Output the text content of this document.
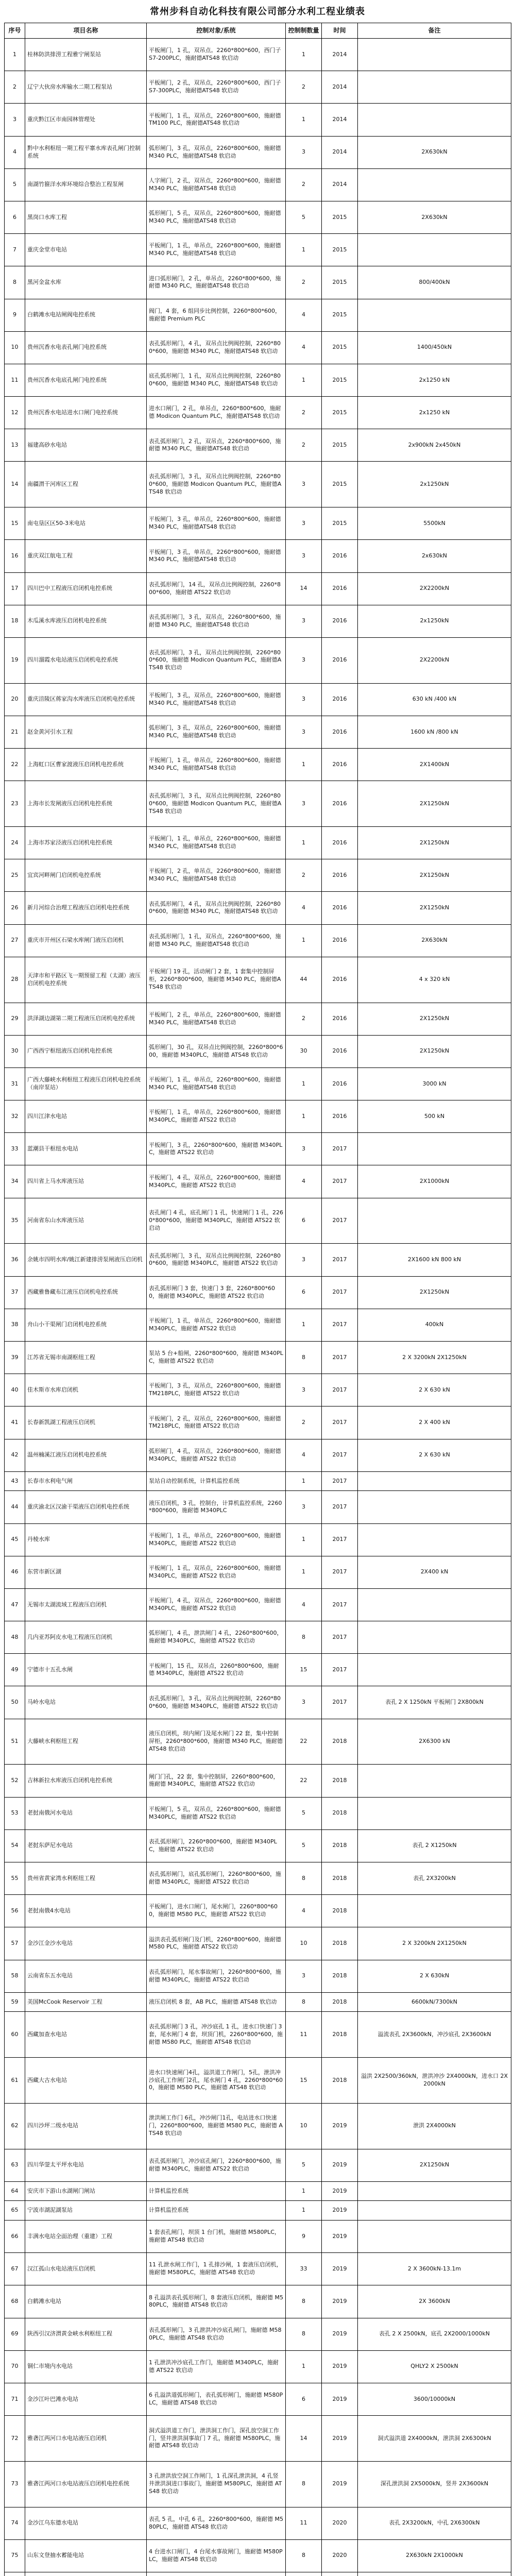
常州步科自动化科技有限公司部分水利工程业绩表
序号	项目名称	控制对象/系统	控制制数量	时间	备注
1	桂林防洪排涝工程雅宁闸泵站	平板闸门，1 孔，双吊点。2260*800*600，西门子 S7-200PLC，施耐德ATS48 软启动	1	2014	
2	辽宁大伙房水库输水二期工程泵站	平板闸门，2 孔，双吊点，2260*800*600，西门子 S7-300PLC，施耐德ATS48 软启动	2	2014	
3	重庆黔江区市南园林管理处	平板闸门，1 孔，双吊点，2260*800*600，施耐德 TM100 PLC，施耐德ATS48 软启动	1	2014	
4	黔中水利枢纽一期工程平寨水库表孔闸门控制系统	弧形闸门，3 孔，双吊点，2260*800*600，施耐德 M340 PLC，施耐德ATS48 软启动	3	2014	2X630kN
5	南湖竹箍洋水库环境综合整治工程泵闸	人字闸门，2 孔，双吊点，2260*800*600，施耐德 M340 PLC，施耐德ATS48 软启动	2	2014	
6	黑岗口水库工程	弧形闸门，5 孔，双吊点，2260*800*600，施耐德 M340 PLC，施耐德ATS48 软启动	5	2015	2X630kN
7	重庆金堂市电站	平板闸门，1 孔，单吊点，2260*800*600，施耐德 M340 PLC，施耐德ATS48 软启动	1	2015	
8	黑河金盆水库	进口弧形闸门，2 孔，单吊点，2260*800*600，施耐德 M340 PLC，施耐德ATS48 软启动	2	2015	800/400kN
9	白鹤滩水电站闸阀电控系统	阀门，4 套，6 组同步比例控制，2260*800*600，施耐德 Premium PLC	4	2015	
10	贵州沉香水电表孔闸门电控系统	表孔弧形闸门，4 孔，双吊点比例阀控制，2260*800*600，施耐德 M340 PLC，施耐德ATS48 软启动	4	2015	1400/450kN
11	贵州沉香水电底孔闸门电控系统	底孔弧形闸门，1 孔，双吊点比例阀控制，2260*800*600，施耐德 M340 PLC，施耐德ATS48 软启动	1	2015	2x1250 kN
12	贵州沉香水电站进水口闸门电控系统	进水口闸门，2 孔，单吊点，2260*800*600，施耐德 Modicon Quantum PLC，施耐德ATS48 软启动	2	2015	2x1250 kN
13	福建高砂水电站	表孔弧形闸门，2 孔，双吊点，2260*800*600，施耐德 M340 PLC，施耐德ATS48 软启动	2	2015	2x900kN 2x450kN
14	南疆渭干河库区工程	表孔弧形闸门，3 孔，双吊点比例阀控制，2260*800*600，施耐德 Modicon Quantum PLC，施耐德ATS48 软启动	3	2015	2x1250kN
15	南屯垦区区50-3米电站	平板闸门，3 孔，单吊点，2260*800*600，施耐德 M340 PLC，施耐德ATS48 软启动	3	2015	5500kN
16	重庆双江航电工程	平板闸门，3 孔，单吊点，2260*800*600，施耐德 M340 PLC，施耐德ATS48 软启动	3	2016	2x630kN
17	四川巴中工程液压启闭机电控系统	表孔弧形闸门，14 孔，双吊点比例阀控制，2260*800*600，施耐德 ATS22 软启动	14	2016	2X2200kN
18	木瓜溪水库液压启闭机电控系统	表孔弧形闸门，3 孔，双吊点，2260*800*600，施耐德 M340 PLC，施耐德ATS48 软启动	3	2016	2x1250kN
19	四川溜霞水电站液压启闭机电控系统	表孔弧形闸门，3 孔，双吊点比例阀控制，2260*800*600，施耐德 Modicon Quantum PLC，施耐德ATS48 软启动	3	2016	2X2200kN
20	重庆涪陵区蒋家沟水库液压启闭机电控系统	平板闸门，3 孔，双吊点，2260*800*600，施耐德 M340 PLC，施耐德ATS48 软启动	3	2016	630 kN /400 kN
21	赵金黄河引水工程	弧形闸门，3 孔，双吊点，2260*800*600，施耐德 M340 PLC，施耐德ATS48 软启动	3	2016	1600 kN /800 kN
22	上海虹口区曹家渡液压启闭机电控系统	平板闸门，1 孔，单吊点，2260*800*600，施耐德 M340 PLC，施耐德ATS48 软启动	1	2016	2X1400kN
23	上海市长发闸液压启闭机电控系统	表孔弧形闸门，3 孔，双吊点比例阀控制，2260*800*600，施耐德 Modicon Quantum PLC，施耐德ATS48 软启动	3	2016	2X1250kN
24	上海市苏家泾液压启闭机电控系统	平板闸门，1 孔，单吊点，2260*800*600，施耐德 M340 PLC，施耐德ATS48 软启动	1	2016	2X1250kN
25	宜宾河畔闸门启闭机电控系统	平板闸门，2 孔，单吊点，2260*800*600，施耐德 M340 PLC，施耐德ATS48 软启动	2	2016	2X1250kN
26	新月河综合治理工程液压启闭机电控系统	表孔弧形闸门，4 孔，双吊点比例阀控制，2260*800*600，施耐德 M340 PLC，施耐德ATS48 软启动	4	2016	2X1250kN
27	重庆市开州区石梁水库闸门液压启闭机	表孔弧形闸门，1 孔，双吊点，2260*800*600，施耐德 M340 PLC，施耐德ATS48 软启动	1	2016	2X630kN
28	天津市和平路区飞一期预留工程（太湖）液压启闭机电控系统	平板闸门 19 孔，活动闸门 2 套，1 套集中控制屏柜，2260*800*600，施耐德 M340 PLC，施耐德ATS48 软启动	44	2016	4 x 320 kN
29	洪泽湖边湖第二期工程液压启闭机电控系统	平板闸门，2 孔，单吊点，2260*800*600，施耐德 M340 PLC，施耐德ATS48 软启动	2	2016	2X1250kN
30	广西西宁枢纽液压启闭机电控系统	弧形闸门，30 孔，双吊点比例阀控制，2260*800*600，施耐德 M340PLC，施耐德 ATS48 软启动	30	2016	2X1250kN
31	广西大藤峡水利枢纽工程液压启闭机电控系统（南岸泵站）	平板闸门，1 孔，单吊点，2260*800*600，施耐德 M340 PLC，施耐德ATS48 软启动	1	2016	3000 kN
32	四川江津水电站	平板闸门，1 孔，单吊点，2260*800*600，施耐德 M340PLC，施耐德 ATS22 软启动	1	2016	500 kN
33	蓝潮县干枢纽水电站	平板闸门，3 孔，2260*800*600，施耐德 M340PLC，施耐德 ATS22 软启动	3	2017	
34	四川省上马水库液压站	平板闸门，4 孔，双吊点，2260*800*600，施耐德 M340PLC，施耐德 ATS22 软启动	4	2017	2X1000kN
35	河南省东山水库液压站	表孔闸门 4 孔，底孔闸门 1 孔，快速闸门 1 孔，2260*800*600，施耐德 M340PLC，施耐德 ATS22 软启动	6	2017	
36	余姚市四明水库/姚江新建排涝泵闸液压启闭机	表孔弧形闸门，3 孔，双吊点比例阀控制，2260*800*600，施耐德 M340PLC，施耐德 ATS22 软启动	3	2017	2X1600 kN 800 kN
37	西藏雅鲁藏布江液压启闭机电控系统	表孔弧形闸门 3 套，快速门 3 套，2260*800*600，施耐德 M340PLC，施耐德 ATS22 软启动	6	2017	2X1250kN
38	舟山小干渠闸门启闭机电控系统	平板闸门，1 孔，单吊点，2260*800*600，施耐德 M340PLC，施耐德 ATS22 软启动	1	2017	400kN
39	江苏省无锡市南湖枢纽工程	泵站 5 台+船闸，2260*800*600，施耐德 M340PLC，施耐德 ATS22 软启动	8	2017	2 X 3200kN 2X1250kN
40	佳木斯市水库启闭机	平板闸门，3 孔，双吊点，2260*800*600，施耐德 TM218PLC，施耐德 ATS22 软启动	3	2017	2 X 630 kN
41	长春新凯湖工程液压启闭机	平板闸门，2 孔，双吊点，2260*800*600，施耐德 TM218PLC，施耐德 ATS22 软启动	2	2017	2 X 400 kN
42	温州楠溪江液压启闭机电控系统	弧形闸门，4 孔，双吊点，2260*800*600，施耐德 M340PLC，施耐德 ATS22 软启动	4	2017	2 X 630 kN
43	长春市水利电气闸	泵站自动控制系统，计算机监控系统	1	2017	
44	重庆渝北区汉渝干渠液压启闭机电控系统	液压启闭机，3 孔，控制台，计算机监控系统，2260*800*600，施耐德 M340PLC	3	2017	
45	丹棱水库	平板闸门，1 孔，单吊点，2260*800*600，施耐德 M340PLC，施耐德 ATS22 软启动	1	2017	
46	东营市新区湖	平板闸门，1 孔，双吊点，2260*800*600，施耐德 M340PLC，施耐德 ATS22 软启动	1	2017	2X400 kN
47	无锡市太湖流域工程液压启闭机	平板闸门，4 孔，双吊点，2260*800*600，施耐德 M340PLC，施耐德 ATS22 软启动	4	2017	
48	几内亚苏阿皮水电工程液压启闭机	弧形闸门，4 孔，泄洪闸门 4 孔，2260*800*600，施耐德 M340PLC，施耐德 ATS22 软启动	8	2017	
49	宁德市十五孔水闸	平板闸门，15 孔，双吊点，2260*800*600，施耐德 M340PLC，施耐德 ATS22 软启动	15	2017	
50	马岭水电站	表孔弧形闸门，3 孔，双吊点比例阀控制，2260*800*600，施耐德 M340PLC，施耐德 ATS22 软启动	3	2017	表孔 2 X 1250kN 平板闸门 2X800kN
51	大藤峡水利枢纽工程	液压启闭机，坝内闸门及尾水闸门 22 套，集中控制屏柜，2260*800*600，施耐德 M340 PLC，施耐德ATS48 软启动	22	2018	2X6300 kN
52	吉林新拉水库液压启闭机电控系统	闸门门孔，22 套，集中控制屏，2260*800*600，施耐德 M340PLC，施耐德 ATS22 软启动	22	2018	
53	老挝南俄河水电站	平板闸门，5 孔，双吊点，2260*800*600，施耐德 M340PLC，施耐德 ATS22 软启动	5	2018	
54	老挝东萨尼水电站	表孔弧形闸门，2260*800*600，施耐德 M340PLC，施耐德 ATS22 软启动	5	2018	表孔 2 X1250kN
55	贵州省黄家湾水利枢纽工程	表孔弧形闸门，底孔弧形闸门，2260*800*600，施耐德 M340PLC，施耐德 ATS22 软启动	8	2018	表孔 2X3200kN
56	老挝南俄4水电站	平板闸门，进水口闸门，尾水闸门，2260*800*600，施耐德 M580 PLC，施耐德 ATS22 软启动	4	2018	
57	金沙江金沙水电站	溢洪表孔弧形闸门及门机，2260*800*600，施耐德 M580 PLC，施耐德 ATS22 软启动	10	2018	2 X 3200kN 2X1250kN
58	云南省东五水电站	表孔弧形闸门，尾水事故闸门，2260*800*600，施耐德 M340PLC，施耐德 ATS22 软启动	3	2018	2 X 630kN
59	美国McCook Reservoir 工程	液压启闭机 8 套，AB PLC，施耐德 ATS48 软启动	8	2018	6600kN/7300kN
60	西藏加查水电站	表孔弧形闸门 3 孔，冲沙底孔 1 孔，进水口快速门 3 套，尾水闸门 4 套，坝顶门机，2260*800*600，施耐德 M580 PLC，施耐德 ATS48 软启动	11	2018	溢流表孔 2X3600kN，冲沙底孔 2X3600kN
61	西藏大古水电站	进水口快速闸门4孔，溢洪道工作闸门，5孔，泄洪冲沙底孔工作闸门2孔，尾水闸门 4 孔，2260*800*600，施耐德 M580 PLC，施耐德 ATS48 软启动	15	2018	溢洪 2X2500/360kN，泄洪冲沙 2X4000kN，进水口 2X2000kN
62	四川沙坪二级水电站	泄洪闸工作门 6孔，冲沙闸门1孔，电站进水口快速门，2260*800*600，施耐德 M580 PLC，施耐德 ATS48 软启动	10	2019	泄洪 2X4000kN
63	四川华蓥太平坪水电站	表孔弧形闸门，冲沙底孔闸门，2260*800*600，施耐德 M340PLC，施耐德 ATS22 软启动	5	2019	2X1250kN
64	安庆市下游山水湖闸门闸站	计算机监控系统	1	2019	
65	宁波市湖泥湖泵站	计算机监控系统	1	2019	
66	丰满水电站全面治理（重建）工程	1 套表孔闸门，坝顶 1 台门机，施耐德 M580PLC，施耐德 ATS48 软启动	9	2019	
67	汉江孤山水电站液压启闭机	11 孔泄水闸工作门，1 孔排沙闸，1 套液压启闭机，施耐德 M580PLC，施耐德 ATS48 软启动	33	2019	2 X 3600kN-13.1m
68	白鹤滩水电站	8 孔溢洪表孔弧形闸门，8 套液压启闭机，施耐德 M580PLC，施耐德 ATS48 软启动	8	2019	2X 3600kN
69	陕西引汉济渭黄金峡水利枢纽工程	表孔弧形闸门，3 孔泄洪冲沙底孔闸门，施耐德 M580PLC，施耐德 ATS48 软启动	8	2019	表孔 2 X 2500kN，底孔 2X2000/1000kN
70	铜仁市境内水电站	1 孔泄洪冲沙底孔工作门，施耐德 M340PLC，施耐德 ATS22 软启动	1	2019	QHLY2 X 2500kN
71	金沙江叶巴滩水电站	6 孔溢洪道弧形闸门，表孔弧形闸门，施耐德 M580PLC，施耐德 ATS48 软启动	6	2019	3600/10000kN
72	雅砻江两河口水电站液压启闭机	洞式溢洪道工作门，泄洪洞工作门，深孔放空洞工作门，竖井泄洪洞事故门 7 孔，施耐德 M580PLC，施耐德 ATS48 软启动	14	2019	洞式溢洪道 2X4000kN，泄洪洞 2X6300kN
73	雅砻江两河口水电站液压启闭机电控系统	3 孔泄洪放空洞工作闸门，1 孔深孔泄洪洞，4 孔竖井泄洪洞进口事故门，施耐德 M580PLC，施耐德 ATS48 软启动	8	2019	深孔泄洪洞 2X5000kN，竖井 2X3600kN
74	金沙江乌东德水电站	表孔 5 孔，中孔 6 孔，2260*800*600，施耐德 M580PLC，施耐德 ATS48 软启动	11	2020	表孔 2X3200kN，中孔 2X6300kN
75	山东文登抽水蓄能电站	4 台进水口闸门，4 台尾水事故闸门，施耐德 M580PLC，施耐德 ATS48 软启动	8	2020	2X630kN 2X1000kN
